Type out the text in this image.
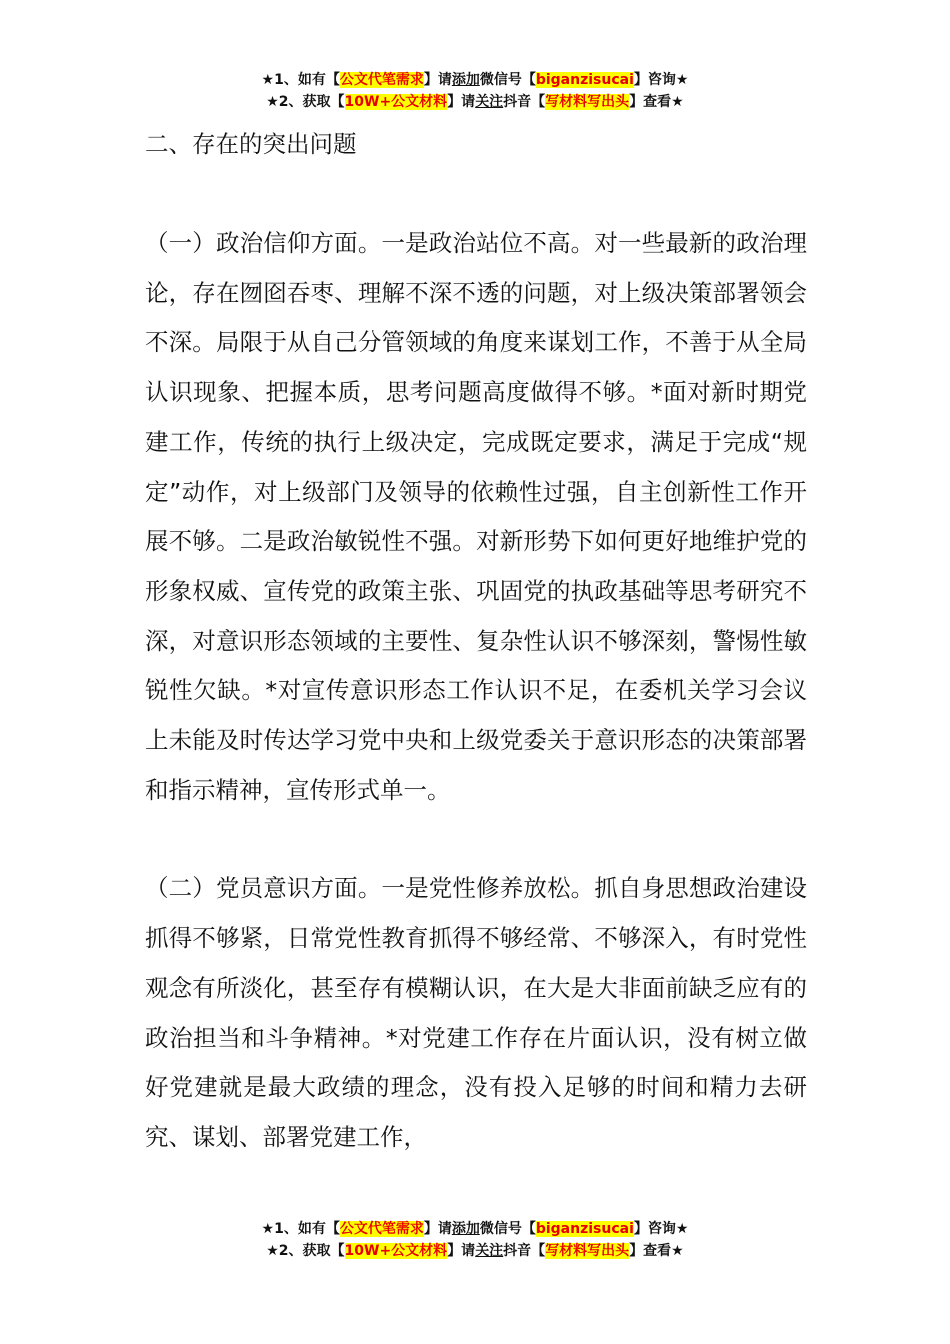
★1、如有【公文代笔需求】请添加微信号【biganzisucai】咨询★
★2、获取【10W+公文材料】请关注抖音【写材料写出头】查看★
二、存在的突出问题
（一）政治信仰方面。一是政治站位不高。对一些最新的政治理论，存在囫囵吞枣、理解不深不透的问题，对上级决策部署领会不深。局限于从自己分管领域的角度来谋划工作，不善于从全局认识现象、把握本质，思考问题高度做得不够。*面对新时期党建工作，传统的执行上级决定，完成既定要求，满足于完成“规定”动作，对上级部门及领导的依赖性过强，自主创新性工作开展不够。二是政治敏锐性不强。对新形势下如何更好地维护党的形象权威、宣传党的政策主张、巩固党的执政基础等思考研究不深，对意识形态领域的主要性、复杂性认识不够深刻，警惕性敏锐性欠缺。*对宣传意识形态工作认识不足，在委机关学习会议上未能及时传达学习党中央和上级党委关于意识形态的决策部署和指示精神，宣传形式单一。
（二）党员意识方面。一是党性修养放松。抓自身思想政治建设抓得不够紧，日常党性教育抓得不够经常、不够深入，有时党性观念有所淡化，甚至存有模糊认识，在大是大非面前缺乏应有的政治担当和斗争精神。*对党建工作存在片面认识，没有树立做好党建就是最大政绩的理念，没有投入足够的时间和精力去研究、谋划、部署党建工作，
★1、如有【公文代笔需求】请添加微信号【biganzisucai】咨询★
★2、获取【10W+公文材料】请关注抖音【写材料写出头】查看★
